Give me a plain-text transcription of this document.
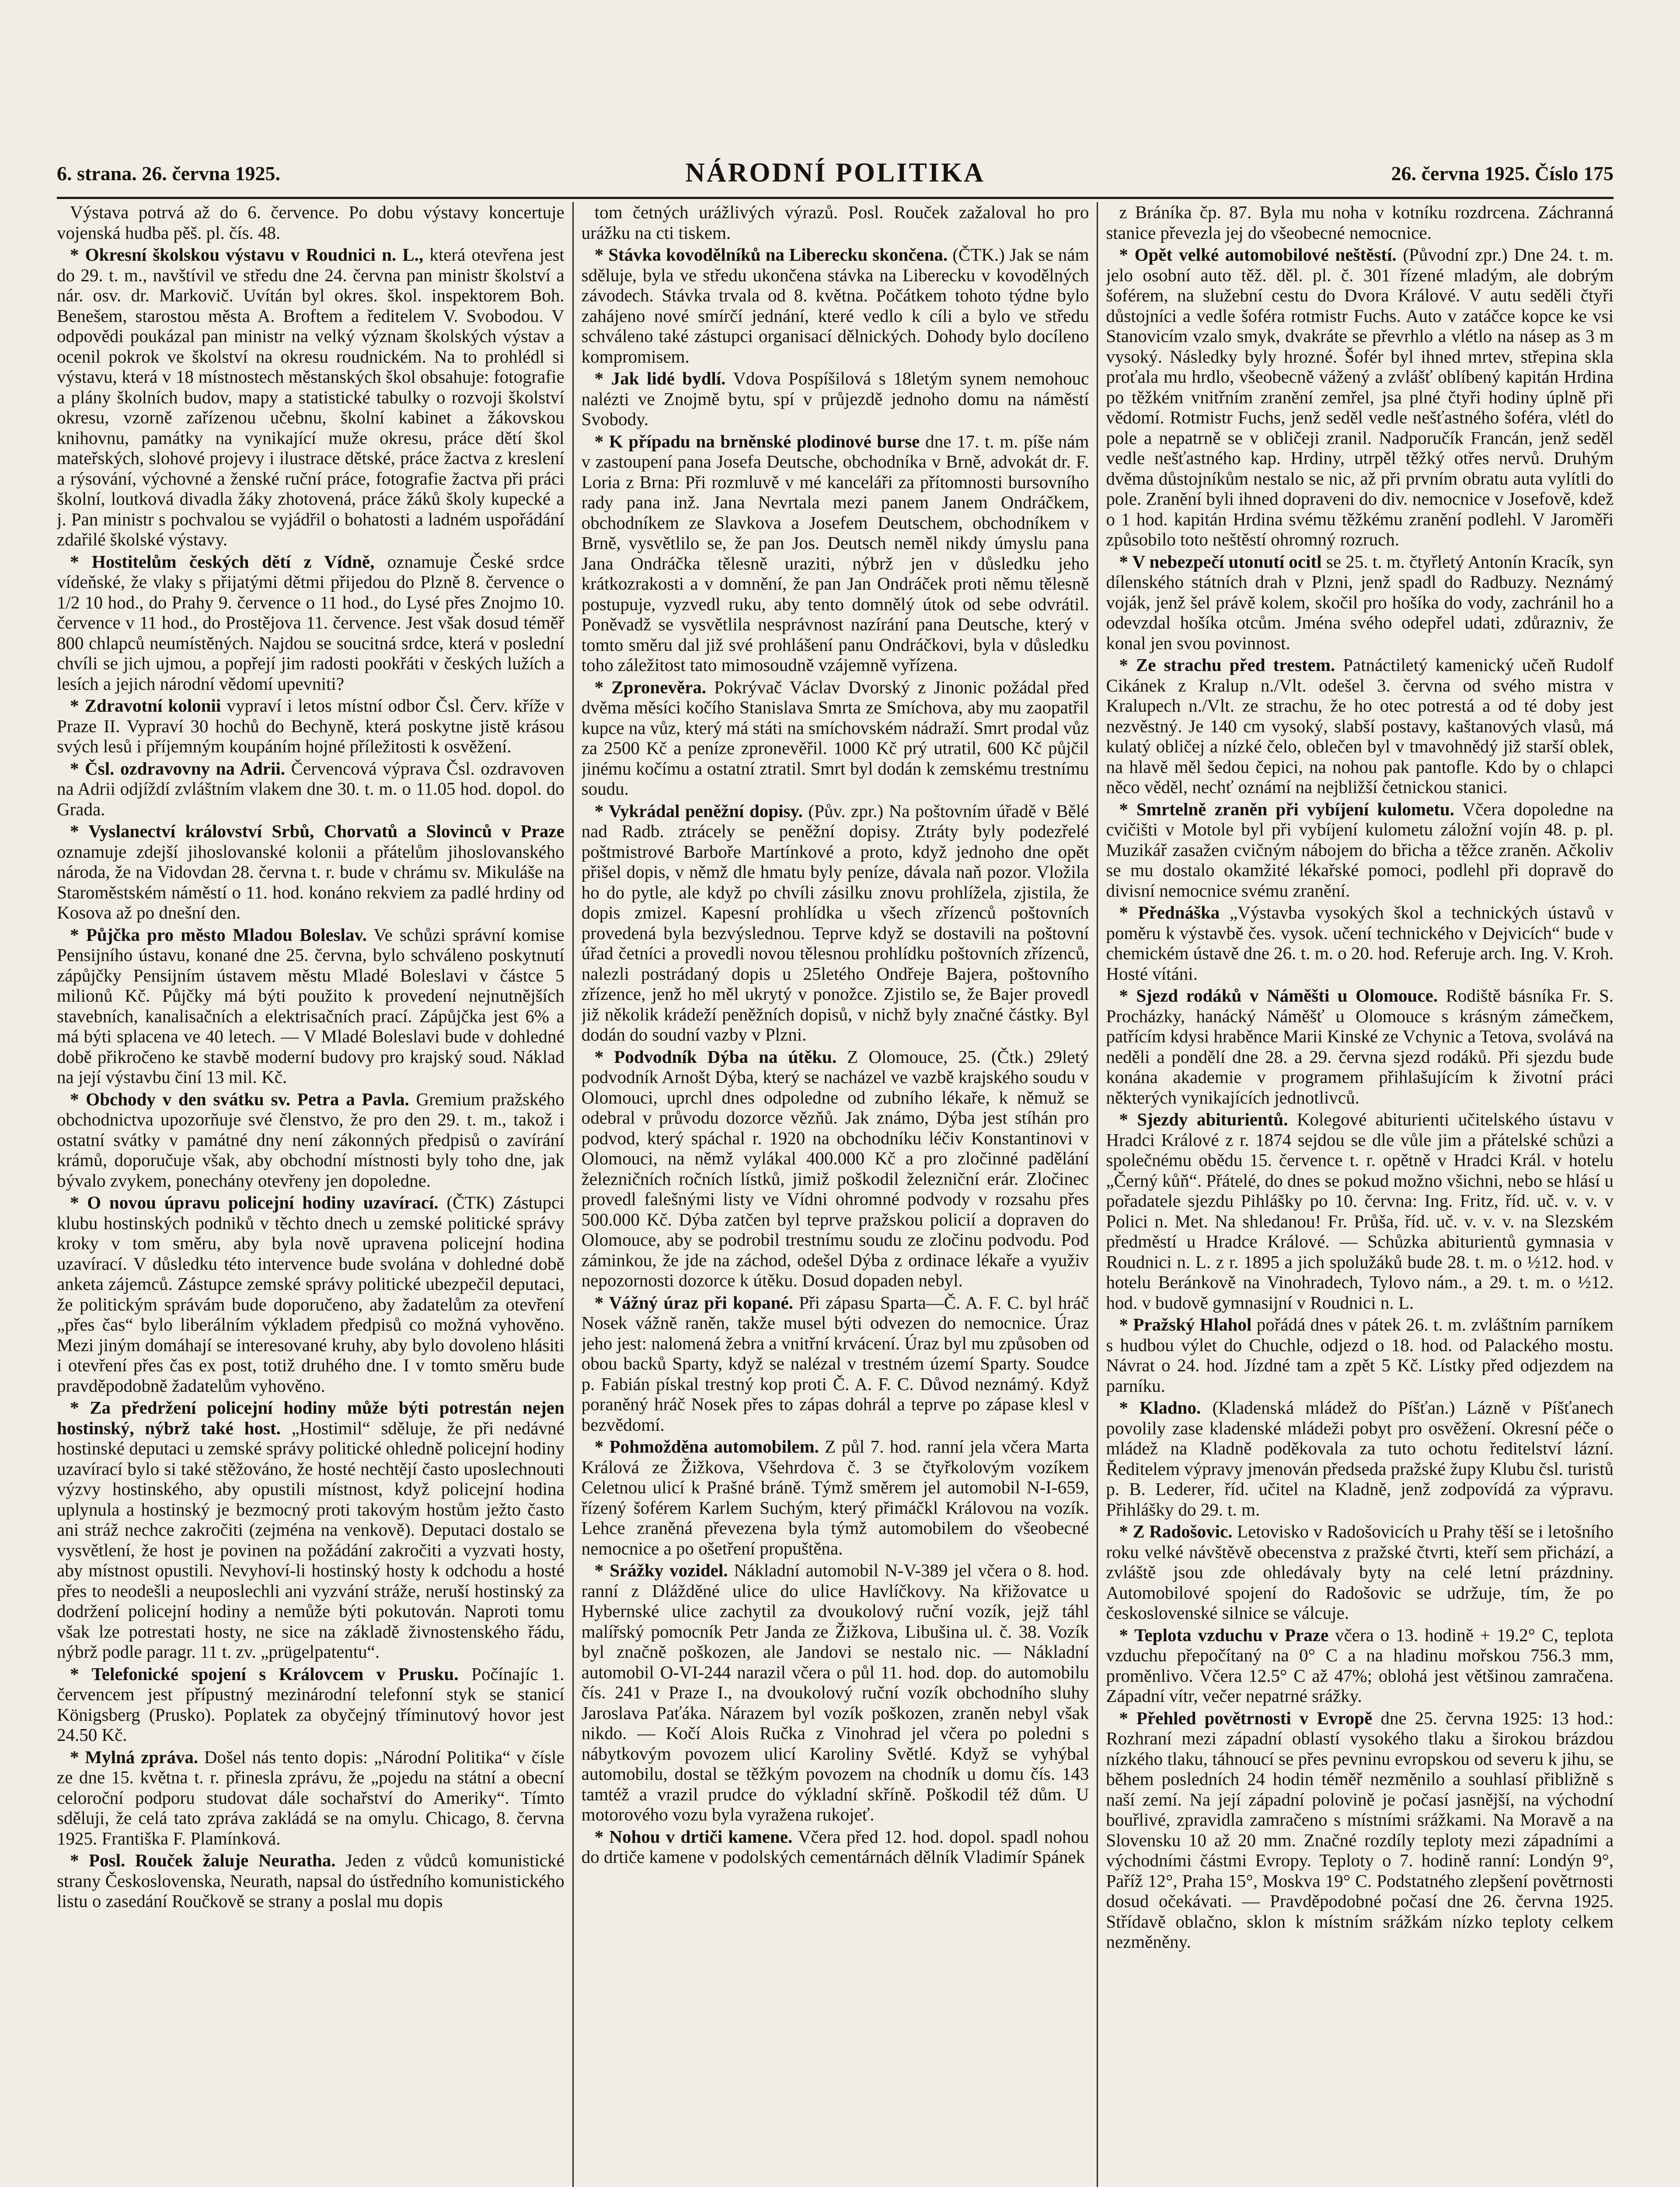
6. strana. 26. června 1925.	NÁRODNÍ POLITIKA	26. června 1925. Číslo 175

Výstava potrvá až do 6. července. Po dobu výstavy koncertuje vojenská hudba pěš. pl. čís. 48.

* Okresní školskou výstavu v Roudnici n. L., která otevřena jest do 29. t. m., navštívil ve středu dne 24. června pan ministr školství a nár. osv. dr. Markovič. Uvítán byl okres. škol. inspektorem Boh. Benešem, starostou města A. Broftem a ředitelem V. Svobodou. V odpovědi poukázal pan ministr na velký význam školských výstav a ocenil pokrok ve školství na okresu roudnickém. Na to prohlédl si výstavu, která v 18 místnostech městanských škol obsahuje: fotografie a plány školních budov, mapy a statistické tabulky o rozvoji školství okresu, vzorně zařízenou učebnu, školní kabinet a žákovskou knihovnu, památky na vynikající muže okresu, práce dětí škol mateřských, slohové projevy i ilustrace dětské, práce žactva z kreslení a rýsování, výchovné a ženské ruční práce, fotografie žactva při práci školní, loutková divadla žáky zhotovená, práce žáků školy kupecké a j. Pan ministr s pochvalou se vyjádřil o bohatosti a ladném uspořádání zdařilé školské výstavy.

* Hostitelům českých dětí z Vídně, oznamuje České srdce vídeňské, že vlaky s přijatými dětmi přijedou do Plzně 8. července o 1/2 10 hod., do Prahy 9. července o 11 hod., do Lysé přes Znojmo 10. července v 11 hod., do Prostějova 11. července. Jest však dosud téměř 800 chlapců neumístěných. Najdou se soucitná srdce, která v poslední chvíli se jich ujmou, a popřejí jim radosti pookřáti v českých lužích a lesích a jejich národní vědomí upevniti?

* Zdravotní kolonii vypraví i letos místní odbor Čsl. Červ. kříže v Praze II. Vypraví 30 hochů do Bechyně, která poskytne jistě krásou svých lesů i příjemným koupáním hojné příležitosti k osvěžení.

* Čsl. ozdravovny na Adrii. Červencová výprava Čsl. ozdravoven na Adrii odjíždí zvláštním vlakem dne 30. t. m. o 11.05 hod. dopol. do Grada.

* Vyslanectví království Srbů, Chorvatů a Slovinců v Praze oznamuje zdejší jihoslovanské kolonii a přátelům jihoslovanského národa, že na Vidovdan 28. června t. r. bude v chrámu sv. Mikuláše na Staroměstském náměstí o 11. hod. konáno rekviem za padlé hrdiny od Kosova až po dnešní den.

* Půjčka pro město Mladou Boleslav. Ve schůzi správní komise Pensijního ústavu, konané dne 25. června, bylo schváleno poskytnutí zápůjčky Pensijním ústavem městu Mladé Boleslavi v částce 5 milionů Kč. Půjčky má býti použito k provedení nejnutnějších stavebních, kanalisačních a elektrisačních prací. Zápůjčka jest 6% a má býti splacena ve 40 letech. — V Mladé Boleslavi bude v dohledné době přikročeno ke stavbě moderní budovy pro krajský soud. Náklad na její výstavbu činí 13 mil. Kč.

* Obchody v den svátku sv. Petra a Pavla. Gremium pražského obchodnictva upozorňuje své členstvo, že pro den 29. t. m., takož i ostatní svátky v památné dny není zákonných předpisů o zavírání krámů, doporučuje však, aby obchodní místnosti byly toho dne, jak bývalo zvykem, ponechány otevřeny jen dopoledne.

* O novou úpravu policejní hodiny uzavírací. (ČTK) Zástupci klubu hostinských podniků v těchto dnech u zemské politické správy kroky v tom směru, aby byla nově upravena policejní hodina uzavírací. V důsledku této intervence bude svolána v dohledné době anketa zájemců. Zástupce zemské správy politické ubezpečil deputaci, že politickým správám bude doporučeno, aby žadatelům za otevření „přes čas“ bylo liberálním výkladem předpisů co možná vyhověno. Mezi jiným domáhají se interesované kruhy, aby bylo dovoleno hlásiti i otevření přes čas ex post, totiž druhého dne. I v tomto směru bude pravděpodobně žadatelům vyhověno.

* Za předržení policejní hodiny může býti potrestán nejen hostinský, nýbrž také host. „Hostimil“ sděluje, že při nedávné hostinské deputaci u zemské správy politické ohledně policejní hodiny uzavírací bylo si také stěžováno, že hosté nechtějí často uposlechnouti výzvy hostinského, aby opustili místnost, když policejní hodina uplynula a hostinský je bezmocný proti takovým hostům ježto často ani stráž nechce zakročiti (zejména na venkově). Deputaci dostalo se vysvětlení, že host je povinen na požádání zakročiti a vyzvati hosty, aby místnost opustili. Nevyhoví-li hostinský hosty k odchodu a hosté přes to neodešli a neuposlechli ani vyzvání stráže, neruší hostinský za dodržení policejní hodiny a nemůže býti pokutován. Naproti tomu však lze potrestati hosty, ne sice na základě živnostenského řádu, nýbrž podle paragr. 11 t. zv. „prügelpatentu“.

* Telefonické spojení s Královcem v Prusku. Počínajíc 1. červencem jest přípustný mezinárodní telefonní styk se stanicí Königsberg (Prusko). Poplatek za obyčejný tříminutový hovor jest 24.50 Kč.

* Mylná zpráva. Došel nás tento dopis: „Národní Politika“ v čísle ze dne 15. května t. r. přinesla zprávu, že „pojedu na státní a obecní celoroční podporu studovat dále sochařství do Ameriky“. Tímto sděluji, že celá tato zpráva zakládá se na omylu. Chicago, 8. června 1925. Františka F. Plamínková.

* Posl. Rouček žaluje Neuratha. Jeden z vůdců komunistické strany Československa, Neurath, napsal do ústředního komunistického listu o zasedání Roučkově se strany a poslal mu dopis

tom četných urážlivých výrazů. Posl. Rouček zažaloval ho pro urážku na cti tiskem.

* Stávka kovodělníků na Liberecku skončena. (ČTK.) Jak se nám sděluje, byla ve středu ukončena stávka na Liberecku v kovodělných závodech. Stávka trvala od 8. května. Počátkem tohoto týdne bylo zahájeno nové smírčí jednání, které vedlo k cíli a bylo ve středu schváleno také zástupci organisací dělnických. Dohody bylo docíleno kompromisem.

* Jak lidé bydlí. Vdova Pospíšilová s 18letým synem nemohouc nalézti ve Znojmě bytu, spí v průjezdě jednoho domu na náměstí Svobody.

* K případu na brněnské plodinové burse dne 17. t. m. píše nám v zastoupení pana Josefa Deutsche, obchodníka v Brně, advokát dr. F. Loria z Brna: Při rozmluvě v mé kanceláři za přítomnosti bursovního rady pana inž. Jana Nevrtala mezi panem Janem Ondráčkem, obchodníkem ze Slavkova a Josefem Deutschem, obchodníkem v Brně, vysvětlilo se, že pan Jos. Deutsch neměl nikdy úmyslu pana Jana Ondráčka tělesně uraziti, nýbrž jen v důsledku jeho krátkozrakosti a v domnění, že pan Jan Ondráček proti němu tělesně postupuje, vyzvedl ruku, aby tento domnělý útok od sebe odvrátil. Poněvadž se vysvětlila nesprávnost nazírání pana Deutsche, který v tomto směru dal již své prohlášení panu Ondráčkovi, byla v důsledku toho záležitost tato mimosoudně vzájemně vyřízena.

* Zpronevěra. Pokrývač Václav Dvorský z Jinonic požádal před dvěma měsíci kočího Stanislava Smrta ze Smíchova, aby mu zaopatřil kupce na vůz, který má státi na smíchovském nádraží. Smrt prodal vůz za 2500 Kč a peníze zpronevěřil. 1000 Kč prý utratil, 600 Kč půjčil jinému kočímu a ostatní ztratil. Smrt byl dodán k zemskému trestnímu soudu.

* Vykrádal peněžní dopisy. (Pův. zpr.) Na poštovním úřadě v Bělé nad Radb. ztrácely se peněžní dopisy. Ztráty byly podezřelé poštmistrové Barboře Martínkové a proto, když jednoho dne opět přišel dopis, v němž dle hmatu byly peníze, dávala naň pozor. Vložila ho do pytle, ale když po chvíli zásilku znovu prohlížela, zjistila, že dopis zmizel. Kapesní prohlídka u všech zřízenců poštovních provedená byla bezvýslednou. Teprve když se dostavili na poštovní úřad četníci a provedli novou tělesnou prohlídku poštovních zřízenců, nalezli postrádaný dopis u 25letého Ondřeje Bajera, poštovního zřízence, jenž ho měl ukrytý v ponožce. Zjistilo se, že Bajer provedl již několik krádeží peněžních dopisů, v nichž byly značné částky. Byl dodán do soudní vazby v Plzni.

* Podvodník Dýba na útěku. Z Olomouce, 25. (Čtk.) 29letý podvodník Arnošt Dýba, který se nacházel ve vazbě krajského soudu v Olomouci, uprchl dnes odpoledne od zubního lékaře, k němuž se odebral v průvodu dozorce vězňů. Jak známo, Dýba jest stíhán pro podvod, který spáchal r. 1920 na obchodníku léčiv Konstantinovi v Olomouci, na němž vylákal 400.000 Kč a pro zločinné padělání železničních ročních lístků, jimiž poškodil železniční erár. Zločinec provedl falešnými listy ve Vídni ohromné podvody v rozsahu přes 500.000 Kč. Dýba zatčen byl teprve pražskou policií a dopraven do Olomouce, aby se podrobil trestnímu soudu ze zločinu podvodu. Pod záminkou, že jde na záchod, odešel Dýba z ordinace lékaře a využiv nepozornosti dozorce k útěku. Dosud dopaden nebyl.

* Vážný úraz při kopané. Při zápasu Sparta—Č. A. F. C. byl hráč Nosek vážně raněn, takže musel býti odvezen do nemocnice. Úraz jeho jest: nalomená žebra a vnitřní krvácení. Úraz byl mu způsoben od obou backů Sparty, když se nalézal v trestném území Sparty. Soudce p. Fabián pískal trestný kop proti Č. A. F. C. Důvod neznámý. Když poraněný hráč Nosek přes to zápas dohrál a teprve po zápase klesl v bezvědomí.

* Pohmožděna automobilem. Z půl 7. hod. ranní jela včera Marta Králová ze Žižkova, Všehrdova č. 3 se čtyřkolovým vozíkem Celetnou ulicí k Prašné bráně. Týmž směrem jel automobil N-I-659, řízený šoférem Karlem Suchým, který přimáčkl Královou na vozík. Lehce zraněná převezena byla týmž automobilem do všeobecné nemocnice a po ošetření propuštěna.

* Srážky vozidel. Nákladní automobil N-V-389 jel včera o 8. hod. ranní z Dlážděné ulice do ulice Havlíčkovy. Na křižovatce u Hybernské ulice zachytil za dvoukolový ruční vozík, jejž táhl malířský pomocník Petr Janda ze Žižkova, Libušina ul. č. 38. Vozík byl značně poškozen, ale Jandovi se nestalo nic. — Nákladní automobil O-VI-244 narazil včera o půl 11. hod. dop. do automobilu čís. 241 v Praze I., na dvoukolový ruční vozík obchodního sluhy Jaroslava Paťáka. Nárazem byl vozík poškozen, zraněn nebyl však nikdo. — Kočí Alois Ručka z Vinohrad jel včera po poledni s nábytkovým povozem ulicí Karoliny Světlé. Když se vyhýbal automobilu, dostal se těžkým povozem na chodník u domu čís. 143 tamtéž a vrazil prudce do výkladní skříně. Poškodil též dům. U motorového vozu byla vyražena rukojeť.

* Nohou v drtiči kamene. Včera před 12. hod. dopol. spadl nohou do drtiče kamene v podolských cementárnách dělník Vladimír Spánek

z Bráníka čp. 87. Byla mu noha v kotníku rozdrcena. Záchranná stanice převezla jej do všeobecné nemocnice.

* Opět velké automobilové neštěstí. (Původní zpr.) Dne 24. t. m. jelo osobní auto těž. děl. pl. č. 301 řízené mladým, ale dobrým šoférem, na služební cestu do Dvora Králové. V autu seděli čtyři důstojníci a vedle šoféra rotmistr Fuchs. Auto v zatáčce kopce ke vsi Stanovicím vzalo smyk, dvakráte se převrhlo a vlétlo na násep as 3 m vysoký. Následky byly hrozné. Šofér byl ihned mrtev, střepina skla proťala mu hrdlo, všeobecně vážený a zvlášť oblíbený kapitán Hrdina po těžkém vnitřním zranění zemřel, jsa plné čtyři hodiny úplně při vědomí. Rotmistr Fuchs, jenž seděl vedle nešťastného šoféra, vlétl do pole a nepatrně se v obličeji zranil. Nadporučík Francán, jenž seděl vedle nešťastného kap. Hrdiny, utrpěl těžký otřes nervů. Druhým dvěma důstojníkům nestalo se nic, až při prvním obratu auta vylítli do pole. Zranění byli ihned dopraveni do div. nemocnice v Josefově, kdež o 1 hod. kapitán Hrdina svému těžkému zranění podlehl. V Jaroměři způsobilo toto neštěstí ohromný rozruch.

* V nebezpečí utonutí ocitl se 25. t. m. čtyřletý Antonín Kracík, syn dílenského státních drah v Plzni, jenž spadl do Radbuzy. Neznámý voják, jenž šel právě kolem, skočil pro hošíka do vody, zachránil ho a odevzdal hošíka otcům. Jména svého odepřel udati, zdůrazniv, že konal jen svou povinnost.

* Ze strachu před trestem. Patnáctiletý kamenický učeň Rudolf Cikánek z Kralup n./Vlt. odešel 3. června od svého mistra v Kralupech n./Vlt. ze strachu, že ho otec potrestá a od té doby jest nezvěstný. Je 140 cm vysoký, slabší postavy, kaštanových vlasů, má kulatý obličej a nízké čelo, oblečen byl v tmavohnědý již starší oblek, na hlavě měl šedou čepici, na nohou pak pantofle. Kdo by o chlapci něco věděl, nechť oznámí na nejbližší četnickou stanici.

* Smrtelně zraněn při vybíjení kulometu. Včera dopoledne na cvičišti v Motole byl při vybíjení kulometu záložní vojín 48. p. pl. Muzikář zasažen cvičným nábojem do břicha a těžce zraněn. Ačkoliv se mu dostalo okamžité lékařské pomoci, podlehl při dopravě do divisní nemocnice svému zranění.

* Přednáška „Výstavba vysokých škol a technických ústavů v poměru k výstavbě čes. vysok. učení technického v Dejvicích“ bude v chemickém ústavě dne 26. t. m. o 20. hod. Referuje arch. Ing. V. Kroh. Hosté vítáni.

* Sjezd rodáků v Náměšti u Olomouce. Rodiště básníka Fr. S. Procházky, hanácký Náměšť u Olomouce s krásným zámečkem, patřícím kdysi hraběnce Marii Kinské ze Vchynic a Tetova, svolává na neděli a pondělí dne 28. a 29. června sjezd rodáků. Při sjezdu bude konána akademie v programem přihlašujícím k životní práci některých vynikajících jednotlivců.

* Sjezdy abiturientů. Kolegové abiturienti učitelského ústavu v Hradci Králové z r. 1874 sejdou se dle vůle jim a přátelské schůzi a společnému obědu 15. července t. r. opětně v Hradci Král. v hotelu „Černý kůň“. Přátelé, do dnes se pokud možno všichni, nebo se hlásí u pořadatele sjezdu Pihlášky po 10. června: Ing. Fritz, říd. uč. v. v. v Polici n. Met. Na shledanou! Fr. Průša, říd. uč. v. v. v. na Slezském předměstí u Hradce Králové. — Schůzka abiturientů gymnasia v Roudnici n. L. z r. 1895 a jich spolužáků bude 28. t. m. o ½12. hod. v hotelu Beránkově na Vinohradech, Tylovo nám., a 29. t. m. o ½12. hod. v budově gymnasijní v Roudnici n. L.

* Pražský Hlahol pořádá dnes v pátek 26. t. m. zvláštním parníkem s hudbou výlet do Chuchle, odjezd o 18. hod. od Palackého mostu. Návrat o 24. hod. Jízdné tam a zpět 5 Kč. Lístky před odjezdem na parníku.

* Kladno. (Kladenská mládež do Píšťan.) Lázně v Píšťanech povolily zase kladenské mládeži pobyt pro osvěžení. Okresní péče o mládež na Kladně poděkovala za tuto ochotu ředitelství lázní. Ředitelem výpravy jmenován předseda pražské župy Klubu čsl. turistů p. B. Lederer, říd. učitel na Kladně, jenž zodpovídá za výpravu. Přihlášky do 29. t. m.

* Z Radošovic. Letovisko v Radošovicích u Prahy těší se i letošního roku velké návštěvě obecenstva z pražské čtvrti, kteří sem přichází, a zvláště jsou zde ohledávaly byty na celé letní prázdniny. Automobilové spojení do Radošovic se udržuje, tím, že po československé silnice se válcuje.

* Teplota vzduchu v Praze včera o 13. hodině + 19.2° C, teplota vzduchu přepočítaný na 0° C a na hladinu mořskou 756.3 mm, proměnlivo. Včera 12.5° C až 47%; oblohá jest většinou zamračena. Západní vítr, večer nepatrné srážky.

* Přehled povětrnosti v Evropě dne 25. června 1925: 13 hod.: Rozhraní mezi západní oblastí vysokého tlaku a širokou brázdou nízkého tlaku, táhnoucí se přes pevninu evropskou od severu k jihu, se během posledních 24 hodin téměř nezměnilo a souhlasí přibližně s naší zemí. Na její západní polovině je počasí jasnější, na východní bouřlivé, zpravidla zamračeno s místními srážkami. Na Moravě a na Slovensku 10 až 20 mm. Značné rozdíly teploty mezi západními a východními částmi Evropy. Teploty o 7. hodině ranní: Londýn 9°, Paříž 12°, Praha 15°, Moskva 19° C. Podstatného zlepšení povětrnosti dosud očekávati. — Pravděpodobné počasí dne 26. června 1925. Střídavě oblačno, sklon k místním srážkám nízko teploty celkem nezměněny.
